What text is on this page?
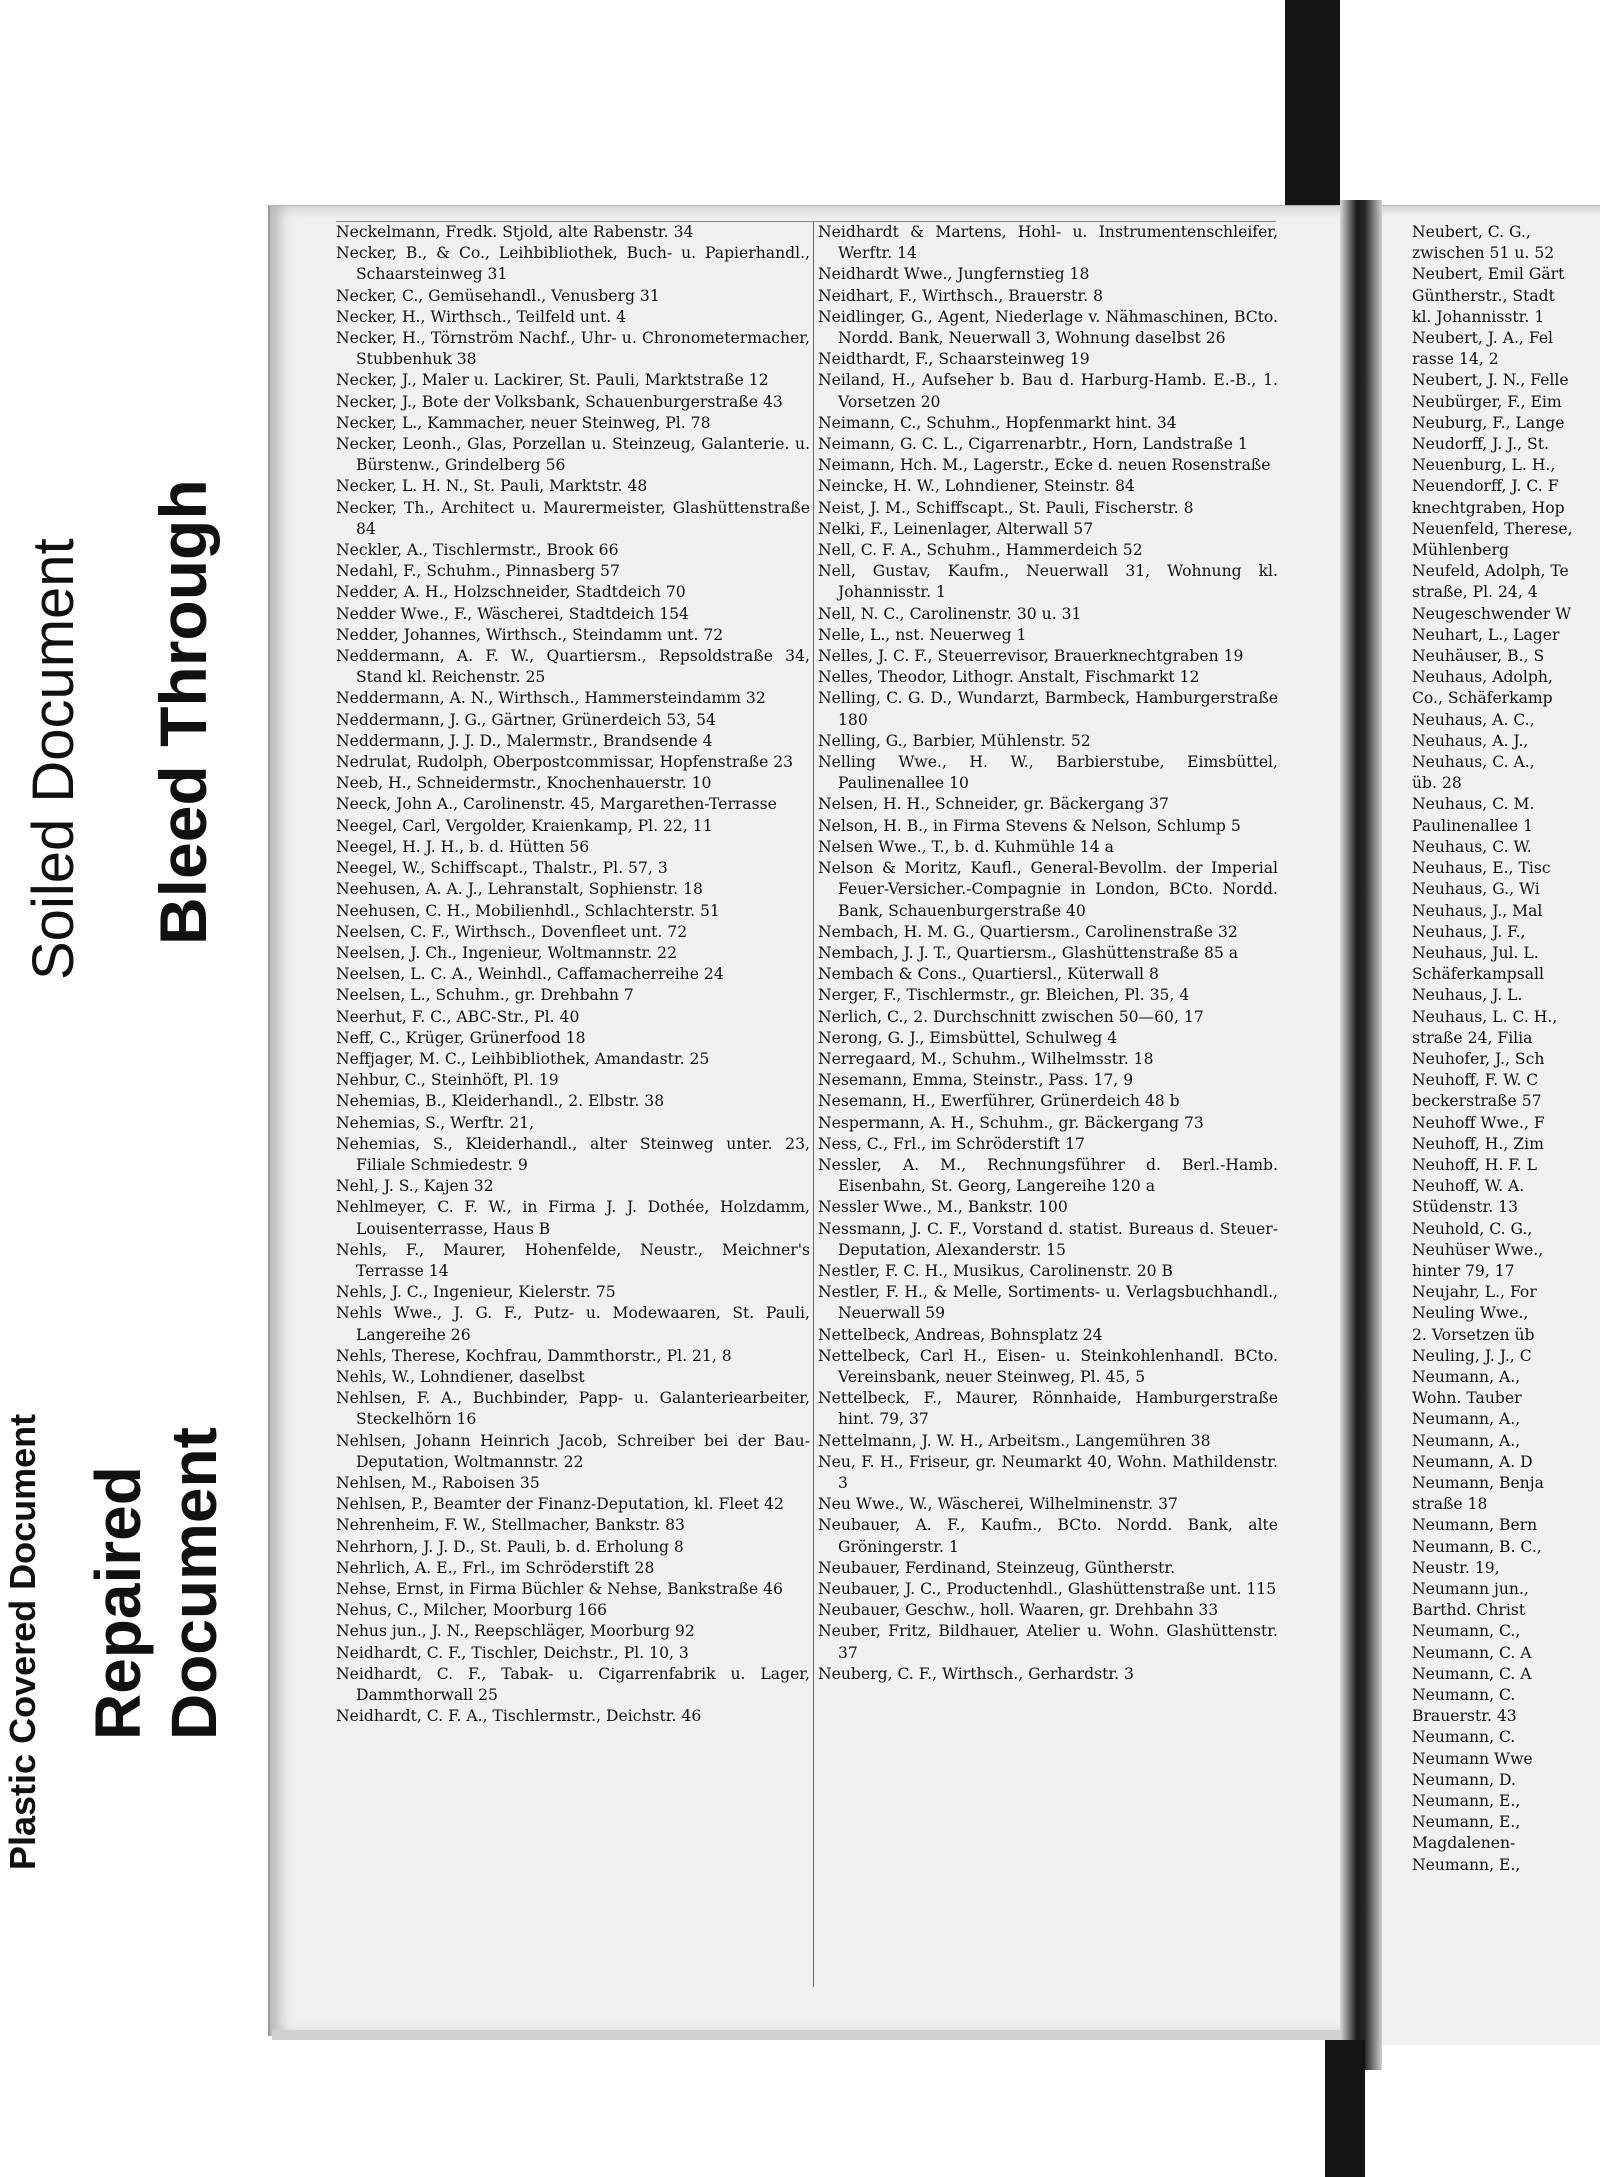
Soiled Document Bleed Through
Plastic Covered Document Repaired Document
Neckelmann, Fredk. Stjold, alte Rabenstr. 34
Necker, B., & Co., Leihbibliothek, Buch- u. Papierhandl., Schaarsteinweg 31
Necker, C., Gemüsehandl., Venusberg 31
Necker, H., Wirthsch., Teilfeld unt. 4
Necker, H., Törnström Nachf., Uhr- u. Chronometermacher, Stubbenhuk 38
Necker, J., Maler u. Lackirer, St. Pauli, Marktstraße 12
Necker, J., Bote der Volksbank, Schauenburgerstraße 43
Necker, L., Kammacher, neuer Steinweg, Pl. 78
Necker, Leonh., Glas, Porzellan u. Steinzeug, Galanterie. u. Bürstenw., Grindelberg 56
Necker, L. H. N., St. Pauli, Marktstr. 48
Necker, Th., Architect u. Maurermeister, Glashüttenstraße 84
Neckler, A., Tischlermstr., Brook 66
Nedahl, F., Schuhm., Pinnasberg 57
Nedder, A. H., Holzschneider, Stadtdeich 70
Nedder Wwe., F., Wäscherei, Stadtdeich 154
Nedder, Johannes, Wirthsch., Steindamm unt. 72
Neddermann, A. F. W., Quartiersm., Repsoldstraße 34, Stand kl. Reichenstr. 25
Neddermann, A. N., Wirthsch., Hammersteindamm 32
Neddermann, J. G., Gärtner, Grünerdeich 53, 54
Neddermann, J. J. D., Malermstr., Brandsende 4
Nedrulat, Rudolph, Oberpostcommissar, Hopfenstraße 23
Neeb, H., Schneidermstr., Knochenhauerstr. 10
Neeck, John A., Carolinenstr. 45, Margarethen-Terrasse
Neegel, Carl, Vergolder, Kraienkamp, Pl. 22, 11
Neegel, H. J. H., b. d. Hütten 56
Neegel, W., Schiffscapt., Thalstr., Pl. 57, 3
Neehusen, A. A. J., Lehranstalt, Sophienstr. 18
Neehusen, C. H., Mobilienhdl., Schlachterstr. 51
Neelsen, C. F., Wirthsch., Dovenfleet unt. 72
Neelsen, J. Ch., Ingenieur, Woltmannstr. 22
Neelsen, L. C. A., Weinhdl., Caffamacherreihe 24
Neelsen, L., Schuhm., gr. Drehbahn 7
Neerhut, F. C., ABC-Str., Pl. 40
Neff, C., Krüger, Grünerfood 18
Neffjager, M. C., Leihbibliothek, Amandastr. 25
Nehbur, C., Steinhöft, Pl. 19
Nehemias, B., Kleiderhandl., 2. Elbstr. 38
Nehemias, S., Werftr. 21,
Nehemias, S., Kleiderhandl., alter Steinweg unter. 23, Filiale Schmiedestr. 9
Nehl, J. S., Kajen 32
Nehlmeyer, C. F. W., in Firma J. J. Dothée, Holzdamm, Louisenterrasse, Haus B
Nehls, F., Maurer, Hohenfelde, Neustr., Meichner's Terrasse 14
Nehls, J. C., Ingenieur, Kielerstr. 75
Nehls Wwe., J. G. F., Putz- u. Modewaaren, St. Pauli, Langereihe 26
Nehls, Therese, Kochfrau, Dammthorstr., Pl. 21, 8
Nehls, W., Lohndiener, daselbst
Nehlsen, F. A., Buchbinder, Papp- u. Galanteriearbeiter, Steckelhörn 16
Nehlsen, Johann Heinrich Jacob, Schreiber bei der Bau-Deputation, Woltmannstr. 22
Nehlsen, M., Raboisen 35
Nehlsen, P., Beamter der Finanz-Deputation, kl. Fleet 42
Nehrenheim, F. W., Stellmacher, Bankstr. 83
Nehrhorn, J. J. D., St. Pauli, b. d. Erholung 8
Nehrlich, A. E., Frl., im Schröderstift 28
Nehse, Ernst, in Firma Büchler & Nehse, Bankstraße 46
Nehus, C., Milcher, Moorburg 166
Nehus jun., J. N., Reepschläger, Moorburg 92
Neidhardt, C. F., Tischler, Deichstr., Pl. 10, 3
Neidhardt, C. F., Tabak- u. Cigarrenfabrik u. Lager, Dammthorwall 25
Neidhardt, C. F. A., Tischlermstr., Deichstr. 46
Neidhardt & Martens, Hohl- u. Instrumentenschleifer, Werftr. 14
Neidhardt Wwe., Jungfernstieg 18
Neidhart, F., Wirthsch., Brauerstr. 8
Neidlinger, G., Agent, Niederlage v. Nähmaschinen, BCto. Nordd. Bank, Neuerwall 3, Wohnung daselbst 26
Neidthardt, F., Schaarsteinweg 19
Neiland, H., Aufseher b. Bau d. Harburg-Hamb. E.-B., 1. Vorsetzen 20
Neimann, C., Schuhm., Hopfenmarkt hint. 34
Neimann, G. C. L., Cigarrenarbtr., Horn, Landstraße 1
Neimann, Hch. M., Lagerstr., Ecke d. neuen Rosenstraße
Neincke, H. W., Lohndiener, Steinstr. 84
Neist, J. M., Schiffscapt., St. Pauli, Fischerstr. 8
Nelki, F., Leinenlager, Alterwall 57
Nell, C. F. A., Schuhm., Hammerdeich 52
Nell, Gustav, Kaufm., Neuerwall 31, Wohnung kl. Johannisstr. 1
Nell, N. C., Carolinenstr. 30 u. 31
Nelle, L., nst. Neuerweg 1
Nelles, J. C. F., Steuerrevisor, Brauerknechtgraben 19
Nelles, Theodor, Lithogr. Anstalt, Fischmarkt 12
Nelling, C. G. D., Wundarzt, Barmbeck, Hamburgerstraße 180
Nelling, G., Barbier, Mühlenstr. 52
Nelling Wwe., H. W., Barbierstube, Eimsbüttel, Paulinenallee 10
Nelsen, H. H., Schneider, gr. Bäckergang 37
Nelson, H. B., in Firma Stevens & Nelson, Schlump 5
Nelsen Wwe., T., b. d. Kuhmühle 14 a
Nelson & Moritz, Kaufl., General-Bevollm. der Imperial Feuer-Versicher.-Compagnie in London, BCto. Nordd. Bank, Schauenburgerstraße 40
Nembach, H. M. G., Quartiersm., Carolinenstraße 32
Nembach, J. J. T., Quartiersm., Glashüttenstraße 85 a
Nembach & Cons., Quartiersl., Küterwall 8
Nerger, F., Tischlermstr., gr. Bleichen, Pl. 35, 4
Nerlich, C., 2. Durchschnitt zwischen 50—60, 17
Nerong, G. J., Eimsbüttel, Schulweg 4
Nerregaard, M., Schuhm., Wilhelmsstr. 18
Nesemann, Emma, Steinstr., Pass. 17, 9
Nesemann, H., Ewerführer, Grünerdeich 48 b
Nespermann, A. H., Schuhm., gr. Bäckergang 73
Ness, C., Frl., im Schröderstift 17
Nessler, A. M., Rechnungsführer d. Berl.-Hamb. Eisenbahn, St. Georg, Langereihe 120 a
Nessler Wwe., M., Bankstr. 100
Nessmann, J. C. F., Vorstand d. statist. Bureaus d. Steuer-Deputation, Alexanderstr. 15
Nestler, F. C. H., Musikus, Carolinenstr. 20 B
Nestler, F. H., & Melle, Sortiments- u. Verlagsbuchhandl., Neuerwall 59
Nettelbeck, Andreas, Bohnsplatz 24
Nettelbeck, Carl H., Eisen- u. Steinkohlenhandl. BCto. Vereinsbank, neuer Steinweg, Pl. 45, 5
Nettelbeck, F., Maurer, Rönnhaide, Hamburgerstraße hint. 79, 37
Nettelmann, J. W. H., Arbeitsm., Langemühren 38
Neu, F. H., Friseur, gr. Neumarkt 40, Wohn. Mathildenstr. 3
Neu Wwe., W., Wäscherei, Wilhelminenstr. 37
Neubauer, A. F., Kaufm., BCto. Nordd. Bank, alte Gröningerstr. 1
Neubauer, Ferdinand, Steinzeug, Güntherstr.
Neubauer, J. C., Productenhdl., Glashüttenstraße unt. 115
Neubauer, Geschw., holl. Waaren, gr. Drehbahn 33
Neuber, Fritz, Bildhauer, Atelier u. Wohn. Glashüttenstr. 37
Neuberg, C. F., Wirthsch., Gerhardstr. 3
Neubert, C. G.,
zwischen 51 u. 52
Neubert, Emil Gärt
Güntherstr., Stadt
kl. Johannisstr. 1
Neubert, J. A., Fel
rasse 14, 2
Neubert, J. N., Felle
Neubürger, F., Eim
Neuburg, F., Lange
Neudorff, J. J., St.
Neuenburg, L. H.,
Neuendorff, J. C. F
knechtgraben, Hop
Neuenfeld, Therese,
Mühlenberg
Neufeld, Adolph, Te
straße, Pl. 24, 4
Neugeschwender W
Neuhart, L., Lager
Neuhäuser, B., S
Neuhaus, Adolph,
Co., Schäferkamp
Neuhaus, A. C.,
Neuhaus, A. J.,
Neuhaus, C. A.,
üb. 28
Neuhaus, C. M.
Paulinenallee 1
Neuhaus, C. W.
Neuhaus, E., Tisc
Neuhaus, G., Wi
Neuhaus, J., Mal
Neuhaus, J. F.,
Neuhaus, Jul. L.
Schäferkampsall
Neuhaus, J. L.
Neuhaus, L. C. H.,
straße 24, Filia
Neuhofer, J., Sch
Neuhoff, F. W. C
beckerstraße 57
Neuhoff Wwe., F
Neuhoff, H., Zim
Neuhoff, H. F. L
Neuhoff, W. A.
Stüdenstr. 13
Neuhold, C. G.,
Neuhüser Wwe.,
hinter 79, 17
Neujahr, L., For
Neuling Wwe.,
2. Vorsetzen üb
Neuling, J. J., C
Neumann, A.,
Wohn. Tauber
Neumann, A.,
Neumann, A.,
Neumann, A. D
Neumann, Benja
straße 18
Neumann, Bern
Neumann, B. C.,
Neustr. 19,
Neumann jun.,
Barthd. Christ
Neumann, C.,
Neumann, C. A
Neumann, C. A
Neumann, C.
Brauerstr. 43
Neumann, C.
Neumann Wwe
Neumann, D.
Neumann, E.,
Neumann, E.,
Magdalenen-
Neumann, E.,
